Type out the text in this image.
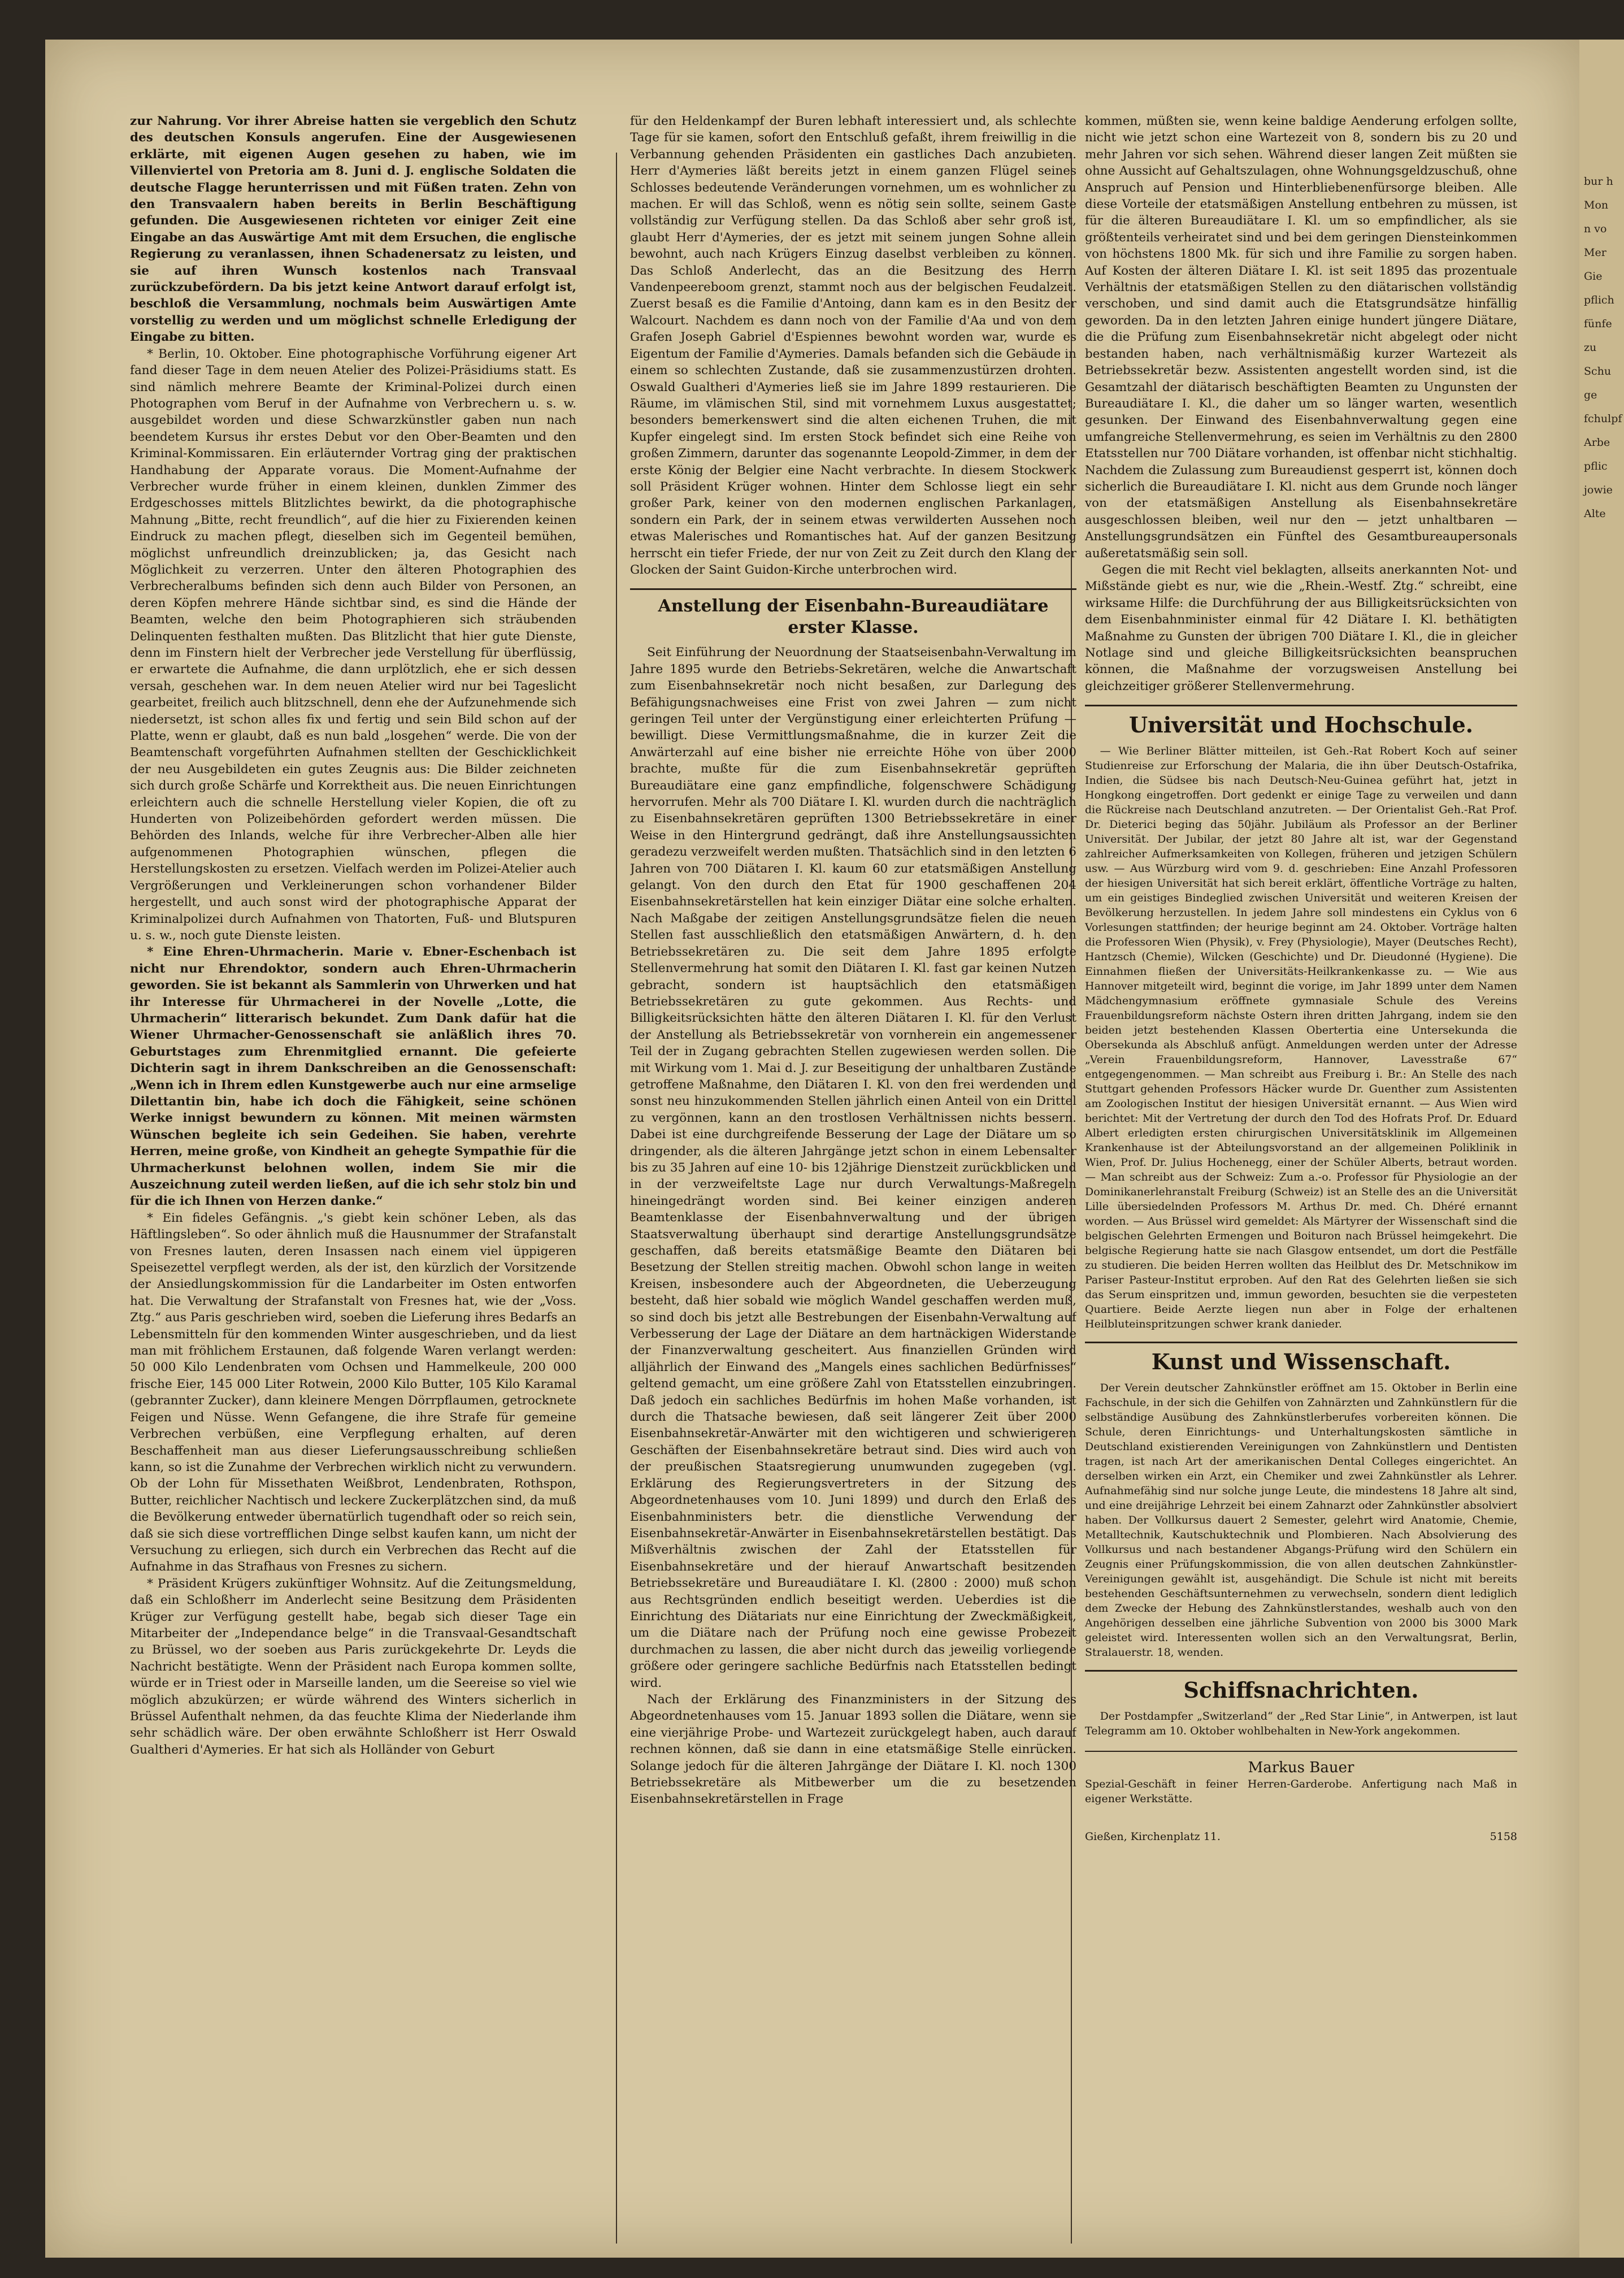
zur Nahrung. Vor ihrer Abreise hatten sie vergeblich den Schutz des deutschen Konsuls angerufen. Eine der Ausgewiesenen erklärte, mit eigenen Augen gesehen zu haben, wie im Villenviertel von Pretoria am 8. Juni d. J. englische Soldaten die deutsche Flagge herunterrissen und mit Füßen traten. Zehn von den Transvaalern haben bereits in Berlin Beschäftigung gefunden. Die Ausgewiesenen richteten vor einiger Zeit eine Eingabe an das Auswärtige Amt mit dem Ersuchen, die englische Regierung zu veranlassen, ihnen Schadenersatz zu leisten, und sie auf ihren Wunsch kostenlos nach Transvaal zurückzubefördern. Da bis jetzt keine Antwort darauf erfolgt ist, beschloß die Versammlung, nochmals beim Auswärtigen Amte vorstellig zu werden und um möglichst schnelle Erledigung der Eingabe zu bitten.

* Berlin, 10. Oktober. Eine photographische Vorführung eigener Art fand dieser Tage in dem neuen Atelier des Polizei-Präsidiums statt. Es sind nämlich mehrere Beamte der Kriminal-Polizei durch einen Photographen vom Beruf in der Aufnahme von Verbrechern u. s. w. ausgebildet worden und diese Schwarzkünstler gaben nun nach beendetem Kursus ihr erstes Debut vor den Ober-Beamten und den Kriminal-Kommissaren. Ein erläuternder Vortrag ging der praktischen Handhabung der Apparate voraus. Die Moment-Aufnahme der Verbrecher wurde früher in einem kleinen, dunklen Zimmer des Erdgeschosses mittels Blitzlichtes bewirkt, da die photographische Mahnung „Bitte, recht freundlich“, auf die hier zu Fixierenden keinen Eindruck zu machen pflegt, dieselben sich im Gegenteil bemühen, möglichst unfreundlich dreinzublicken; ja, das Gesicht nach Möglichkeit zu verzerren. Unter den älteren Photographien des Verbrecheralbums befinden sich denn auch Bilder von Personen, an deren Köpfen mehrere Hände sichtbar sind, es sind die Hände der Beamten, welche den beim Photographieren sich sträubenden Delinquenten festhalten mußten. Das Blitzlicht that hier gute Dienste, denn im Finstern hielt der Verbrecher jede Verstellung für überflüssig, er erwartete die Aufnahme, die dann urplötzlich, ehe er sich dessen versah, geschehen war. In dem neuen Atelier wird nur bei Tageslicht gearbeitet, freilich auch blitzschnell, denn ehe der Aufzunehmende sich niedersetzt, ist schon alles fix und fertig und sein Bild schon auf der Platte, wenn er glaubt, daß es nun bald „losgehen“ werde. Die von der Beamtenschaft vorgeführten Aufnahmen stellten der Geschicklichkeit der neu Ausgebildeten ein gutes Zeugnis aus: Die Bilder zeichneten sich durch große Schärfe und Korrektheit aus. Die neuen Einrichtungen erleichtern auch die schnelle Herstellung vieler Kopien, die oft zu Hunderten von Polizeibehörden gefordert werden müssen. Die Behörden des Inlands, welche für ihre Verbrecher-Alben alle hier aufgenommenen Photographien wünschen, pflegen die Herstellungskosten zu ersetzen. Vielfach werden im Polizei-Atelier auch Vergrößerungen und Verkleinerungen schon vorhandener Bilder hergestellt, und auch sonst wird der photographische Apparat der Kriminalpolizei durch Aufnahmen von Thatorten, Fuß- und Blutspuren u. s. w., noch gute Dienste leisten.

* Eine Ehren-Uhrmacherin. Marie v. Ebner-Eschenbach ist nicht nur Ehrendoktor, sondern auch Ehren-Uhrmacherin geworden. Sie ist bekannt als Sammlerin von Uhrwerken und hat ihr Interesse für Uhrmacherei in der Novelle „Lotte, die Uhrmacherin“ litterarisch bekundet. Zum Dank dafür hat die Wiener Uhrmacher-Genossenschaft sie anläßlich ihres 70. Geburtstages zum Ehrenmitglied ernannt. Die gefeierte Dichterin sagt in ihrem Dankschreiben an die Genossenschaft: „Wenn ich in Ihrem edlen Kunstgewerbe auch nur eine armselige Dilettantin bin, habe ich doch die Fähigkeit, seine schönen Werke innigst bewundern zu können. Mit meinen wärmsten Wünschen begleite ich sein Gedeihen. Sie haben, verehrte Herren, meine große, von Kindheit an gehegte Sympathie für die Uhrmacherkunst belohnen wollen, indem Sie mir die Auszeichnung zuteil werden ließen, auf die ich sehr stolz bin und für die ich Ihnen von Herzen danke.“

* Ein fideles Gefängnis. „'s giebt kein schöner Leben, als das Häftlingsleben“. So oder ähnlich muß die Hausnummer der Strafanstalt von Fresnes lauten, deren Insassen nach einem viel üppigeren Speisezettel verpflegt werden, als der ist, den kürzlich der Vorsitzende der Ansiedlungskommission für die Landarbeiter im Osten entworfen hat. Die Verwaltung der Strafanstalt von Fresnes hat, wie der „Voss. Ztg.“ aus Paris geschrieben wird, soeben die Lieferung ihres Bedarfs an Lebensmitteln für den kommenden Winter ausgeschrieben, und da liest man mit fröhlichem Erstaunen, daß folgende Waren verlangt werden: 50 000 Kilo Lendenbraten vom Ochsen und Hammelkeule, 200 000 frische Eier, 145 000 Liter Rotwein, 2000 Kilo Butter, 105 Kilo Karamal (gebrannter Zucker), dann kleinere Mengen Dörrpflaumen, getrocknete Feigen und Nüsse. Wenn Gefangene, die ihre Strafe für gemeine Verbrechen verbüßen, eine Verpflegung erhalten, auf deren Beschaffenheit man aus dieser Lieferungsausschreibung schließen kann, so ist die Zunahme der Verbrechen wirklich nicht zu verwundern. Ob der Lohn für Missethaten Weißbrot, Lendenbraten, Rothspon, Butter, reichlicher Nachtisch und leckere Zuckerplätzchen sind, da muß die Bevölkerung entweder übernatürlich tugendhaft oder so reich sein, daß sie sich diese vortrefflichen Dinge selbst kaufen kann, um nicht der Versuchung zu erliegen, sich durch ein Verbrechen das Recht auf die Aufnahme in das Strafhaus von Fresnes zu sichern.

* Präsident Krügers zukünftiger Wohnsitz. Auf die Zeitungsmeldung, daß ein Schloßherr im Anderlecht seine Besitzung dem Präsidenten Krüger zur Verfügung gestellt habe, begab sich dieser Tage ein Mitarbeiter der „Independance belge“ in die Transvaal-Gesandtschaft zu Brüssel, wo der soeben aus Paris zurückgekehrte Dr. Leyds die Nachricht bestätigte. Wenn der Präsident nach Europa kommen sollte, würde er in Triest oder in Marseille landen, um die Seereise so viel wie möglich abzukürzen; er würde während des Winters sicherlich in Brüssel Aufenthalt nehmen, da das feuchte Klima der Niederlande ihm sehr schädlich wäre. Der oben erwähnte Schloßherr ist Herr Oswald Gualtheri d'Aymeries. Er hat sich als Holländer von Geburt

für den Heldenkampf der Buren lebhaft interessiert und, als schlechte Tage für sie kamen, sofort den Entschluß gefaßt, ihrem freiwillig in die Verbannung gehenden Präsidenten ein gastliches Dach anzubieten. Herr d'Aymeries läßt bereits jetzt in einem ganzen Flügel seines Schlosses bedeutende Veränderungen vornehmen, um es wohnlicher zu machen. Er will das Schloß, wenn es nötig sein sollte, seinem Gaste vollständig zur Verfügung stellen. Da das Schloß aber sehr groß ist, glaubt Herr d'Aymeries, der es jetzt mit seinem jungen Sohne allein bewohnt, auch nach Krügers Einzug daselbst verbleiben zu können. Das Schloß Anderlecht, das an die Besitzung des Herrn Vandenpeereboom grenzt, stammt noch aus der belgischen Feudalzeit. Zuerst besaß es die Familie d'Antoing, dann kam es in den Besitz der Walcourt. Nachdem es dann noch von der Familie d'Aa und von dem Grafen Joseph Gabriel d'Espiennes bewohnt worden war, wurde es Eigentum der Familie d'Aymeries. Damals befanden sich die Gebäude in einem so schlechten Zustande, daß sie zusammenzustürzen drohten. Oswald Gualtheri d'Aymeries ließ sie im Jahre 1899 restaurieren. Die Räume, im vlämischen Stil, sind mit vornehmem Luxus ausgestattet; besonders bemerkenswert sind die alten eichenen Truhen, die mit Kupfer eingelegt sind. Im ersten Stock befindet sich eine Reihe von großen Zimmern, darunter das sogenannte Leopold-Zimmer, in dem der erste König der Belgier eine Nacht verbrachte. In diesem Stockwerk soll Präsident Krüger wohnen. Hinter dem Schlosse liegt ein sehr großer Park, keiner von den modernen englischen Parkanlagen, sondern ein Park, der in seinem etwas verwilderten Aussehen noch etwas Malerisches und Romantisches hat. Auf der ganzen Besitzung herrscht ein tiefer Friede, der nur von Zeit zu Zeit durch den Klang der Glocken der Saint Guidon-Kirche unterbrochen wird.

Anstellung der Eisenbahn-Bureaudiätare erster Klasse.

Seit Einführung der Neuordnung der Staatseisenbahn-Verwaltung im Jahre 1895 wurde den Betriebs-Sekretären, welche die Anwartschaft zum Eisenbahnsekretär noch nicht besaßen, zur Darlegung des Befähigungsnachweises eine Frist von zwei Jahren — zum nicht geringen Teil unter der Vergünstigung einer erleichterten Prüfung — bewilligt. Diese Vermittlungsmaßnahme, die in kurzer Zeit die Anwärterzahl auf eine bisher nie erreichte Höhe von über 2000 brachte, mußte für die zum Eisenbahnsekretär geprüften Bureaudiätare eine ganz empfindliche, folgenschwere Schädigung hervorrufen. Mehr als 700 Diätare I. Kl. wurden durch die nachträglich zu Eisenbahnsekretären geprüften 1300 Betriebssekretäre in einer Weise in den Hintergrund gedrängt, daß ihre Anstellungsaussichten geradezu verzweifelt werden mußten. Thatsächlich sind in den letzten 6 Jahren von 700 Diätaren I. Kl. kaum 60 zur etatsmäßigen Anstellung gelangt. Von den durch den Etat für 1900 geschaffenen 204 Eisenbahnsekretärstellen hat kein einziger Diätar eine solche erhalten. Nach Maßgabe der zeitigen Anstellungsgrundsätze fielen die neuen Stellen fast ausschließlich den etatsmäßigen Anwärtern, d. h. den Betriebssekretären zu. Die seit dem Jahre 1895 erfolgte Stellenvermehrung hat somit den Diätaren I. Kl. fast gar keinen Nutzen gebracht, sondern ist hauptsächlich den etatsmäßigen Betriebssekretären zu gute gekommen. Aus Rechts- und Billigkeitsrücksichten hätte den älteren Diätaren I. Kl. für den Verlust der Anstellung als Betriebssekretär von vornherein ein angemessener Teil der in Zugang gebrachten Stellen zugewiesen werden sollen. Die mit Wirkung vom 1. Mai d. J. zur Beseitigung der unhaltbaren Zustände getroffene Maßnahme, den Diätaren I. Kl. von den frei werdenden und sonst neu hinzukommenden Stellen jährlich einen Anteil von ein Drittel zu vergönnen, kann an den trostlosen Verhältnissen nichts bessern. Dabei ist eine durchgreifende Besserung der Lage der Diätare um so dringender, als die älteren Jahrgänge jetzt schon in einem Lebensalter bis zu 35 Jahren auf eine 10- bis 12jährige Dienstzeit zurückblicken und in der verzweifeltste Lage nur durch Verwaltungs-Maßregeln hineingedrängt worden sind. Bei keiner einzigen anderen Beamtenklasse der Eisenbahnverwaltung und der übrigen Staatsverwaltung überhaupt sind derartige Anstellungsgrundsätze geschaffen, daß bereits etatsmäßige Beamte den Diätaren bei Besetzung der Stellen streitig machen. Obwohl schon lange in weiten Kreisen, insbesondere auch der Abgeordneten, die Ueberzeugung besteht, daß hier sobald wie möglich Wandel geschaffen werden muß, so sind doch bis jetzt alle Bestrebungen der Eisenbahn-Verwaltung auf Verbesserung der Lage der Diätare an dem hartnäckigen Widerstande der Finanzverwaltung gescheitert. Aus finanziellen Gründen wird alljährlich der Einwand des „Mangels eines sachlichen Bedürfnisses“ geltend gemacht, um eine größere Zahl von Etatsstellen einzubringen. Daß jedoch ein sachliches Bedürfnis im hohen Maße vorhanden, ist durch die Thatsache bewiesen, daß seit längerer Zeit über 2000 Eisenbahnsekretär-Anwärter mit den wichtigeren und schwierigeren Geschäften der Eisenbahnsekretäre betraut sind. Dies wird auch von der preußischen Staatsregierung unumwunden zugegeben (vgl. Erklärung des Regierungsvertreters in der Sitzung des Abgeordnetenhauses vom 10. Juni 1899) und durch den Erlaß des Eisenbahnministers betr. die dienstliche Verwendung der Eisenbahnsekretär-Anwärter in Eisenbahnsekretärstellen bestätigt. Das Mißverhältnis zwischen der Zahl der Etatsstellen für Eisenbahnsekretäre und der hierauf Anwartschaft besitzenden Betriebssekretäre und Bureaudiätare I. Kl. (2800 : 2000) muß schon aus Rechtsgründen endlich beseitigt werden. Ueberdies ist die Einrichtung des Diätariats nur eine Einrichtung der Zweckmäßigkeit, um die Diätare nach der Prüfung noch eine gewisse Probezeit durchmachen zu lassen, die aber nicht durch das jeweilig vorliegende größere oder geringere sachliche Bedürfnis nach Etatsstellen bedingt wird.

Nach der Erklärung des Finanzministers in der Sitzung des Abgeordnetenhauses vom 15. Januar 1893 sollen die Diätare, wenn sie eine vierjährige Probe- und Wartezeit zurückgelegt haben, auch darauf rechnen können, daß sie dann in eine etatsmäßige Stelle einrücken. Solange jedoch für die älteren Jahrgänge der Diätare I. Kl. noch 1300 Betriebssekretäre als Mitbewerber um die zu besetzenden Eisenbahnsekretärstellen in Frage

kommen, müßten sie, wenn keine baldige Aenderung erfolgen sollte, nicht wie jetzt schon eine Wartezeit von 8, sondern bis zu 20 und mehr Jahren vor sich sehen. Während dieser langen Zeit müßten sie ohne Aussicht auf Gehaltszulagen, ohne Wohnungsgeldzuschuß, ohne Anspruch auf Pension und Hinterbliebenenfürsorge bleiben. Alle diese Vorteile der etatsmäßigen Anstellung entbehren zu müssen, ist für die älteren Bureaudiätare I. Kl. um so empfindlicher, als sie größtenteils verheiratet sind und bei dem geringen Diensteinkommen von höchstens 1800 Mk. für sich und ihre Familie zu sorgen haben. Auf Kosten der älteren Diätare I. Kl. ist seit 1895 das prozentuale Verhältnis der etatsmäßigen Stellen zu den diätarischen vollständig verschoben, und sind damit auch die Etatsgrundsätze hinfällig geworden. Da in den letzten Jahren einige hundert jüngere Diätare, die die Prüfung zum Eisenbahnsekretär nicht abgelegt oder nicht bestanden haben, nach verhältnismäßig kurzer Wartezeit als Betriebssekretär bezw. Assistenten angestellt worden sind, ist die Gesamtzahl der diätarisch beschäftigten Beamten zu Ungunsten der Bureaudiätare I. Kl., die daher um so länger warten, wesentlich gesunken. Der Einwand des Eisenbahnverwaltung gegen eine umfangreiche Stellenvermehrung, es seien im Verhältnis zu den 2800 Etatsstellen nur 700 Diätare vorhanden, ist offenbar nicht stichhaltig. Nachdem die Zulassung zum Bureaudienst gesperrt ist, können doch sicherlich die Bureaudiätare I. Kl. nicht aus dem Grunde noch länger von der etatsmäßigen Anstellung als Eisenbahnsekretäre ausgeschlossen bleiben, weil nur den — jetzt unhaltbaren — Anstellungsgrundsätzen ein Fünftel des Gesamtbureaupersonals außeretatsmäßig sein soll.

Gegen die mit Recht viel beklagten, allseits anerkannten Not- und Mißstände giebt es nur, wie die „Rhein.-Westf. Ztg.“ schreibt, eine wirksame Hilfe: die Durchführung der aus Billigkeitsrücksichten von dem Eisenbahnminister einmal für 42 Diätare I. Kl. bethätigten Maßnahme zu Gunsten der übrigen 700 Diätare I. Kl., die in gleicher Notlage sind und gleiche Billigkeitsrücksichten beanspruchen können, die Maßnahme der vorzugsweisen Anstellung bei gleichzeitiger größerer Stellenvermehrung.

Universität und Hochschule.

— Wie Berliner Blätter mitteilen, ist Geh.-Rat Robert Koch auf seiner Studienreise zur Erforschung der Malaria, die ihn über Deutsch-Ostafrika, Indien, die Südsee bis nach Deutsch-Neu-Guinea geführt hat, jetzt in Hongkong eingetroffen. Dort gedenkt er einige Tage zu verweilen und dann die Rückreise nach Deutschland anzutreten. — Der Orientalist Geh.-Rat Prof. Dr. Dieterici beging das 50jähr. Jubiläum als Professor an der Berliner Universität. Der Jubilar, der jetzt 80 Jahre alt ist, war der Gegenstand zahlreicher Aufmerksamkeiten von Kollegen, früheren und jetzigen Schülern usw. — Aus Würzburg wird vom 9. d. geschrieben: Eine Anzahl Professoren der hiesigen Universität hat sich bereit erklärt, öffentliche Vorträge zu halten, um ein geistiges Bindeglied zwischen Universität und weiteren Kreisen der Bevölkerung herzustellen. In jedem Jahre soll mindestens ein Cyklus von 6 Vorlesungen stattfinden; der heurige beginnt am 24. Oktober. Vorträge halten die Professoren Wien (Physik), v. Frey (Physiologie), Mayer (Deutsches Recht), Hantzsch (Chemie), Wilcken (Geschichte) und Dr. Dieudonné (Hygiene). Die Einnahmen fließen der Universitäts-Heilkrankenkasse zu. — Wie aus Hannover mitgeteilt wird, beginnt die vorige, im Jahr 1899 unter dem Namen Mädchengymnasium eröffnete gymnasiale Schule des Vereins Frauenbildungsreform nächste Ostern ihren dritten Jahrgang, indem sie den beiden jetzt bestehenden Klassen Obertertia eine Untersekunda die Obersekunda als Abschluß anfügt. Anmeldungen werden unter der Adresse „Verein Frauenbildungsreform, Hannover, Lavesstraße 67“ entgegengenommen. — Man schreibt aus Freiburg i. Br.: An Stelle des nach Stuttgart gehenden Professors Häcker wurde Dr. Guenther zum Assistenten am Zoologischen Institut der hiesigen Universität ernannt. — Aus Wien wird berichtet: Mit der Vertretung der durch den Tod des Hofrats Prof. Dr. Eduard Albert erledigten ersten chirurgischen Universitätsklinik im Allgemeinen Krankenhause ist der Abteilungsvorstand an der allgemeinen Poliklinik in Wien, Prof. Dr. Julius Hochenegg, einer der Schüler Alberts, betraut worden. — Man schreibt aus der Schweiz: Zum a.-o. Professor für Physiologie an der Dominikanerlehranstalt Freiburg (Schweiz) ist an Stelle des an die Universität Lille übersiedelnden Professors M. Arthus Dr. med. Ch. Dhéré ernannt worden. — Aus Brüssel wird gemeldet: Als Märtyrer der Wissenschaft sind die belgischen Gelehrten Ermengen und Boituron nach Brüssel heimgekehrt. Die belgische Regierung hatte sie nach Glasgow entsendet, um dort die Pestfälle zu studieren. Die beiden Herren wollten das Heilblut des Dr. Metschnikow im Pariser Pasteur-Institut erproben. Auf den Rat des Gelehrten ließen sie sich das Serum einspritzen und, immun geworden, besuchten sie die verpesteten Quartiere. Beide Aerzte liegen nun aber in Folge der erhaltenen Heilbluteinspritzungen schwer krank danieder.

Kunst und Wissenschaft.

Der Verein deutscher Zahnkünstler eröffnet am 15. Oktober in Berlin eine Fachschule, in der sich die Gehilfen von Zahnärzten und Zahnkünstlern für die selbständige Ausübung des Zahnkünstlerberufes vorbereiten können. Die Schule, deren Einrichtungs- und Unterhaltungskosten sämtliche in Deutschland existierenden Vereinigungen von Zahnkünstlern und Dentisten tragen, ist nach Art der amerikanischen Dental Colleges eingerichtet. An derselben wirken ein Arzt, ein Chemiker und zwei Zahnkünstler als Lehrer. Aufnahmefähig sind nur solche junge Leute, die mindestens 18 Jahre alt sind, und eine dreijährige Lehrzeit bei einem Zahnarzt oder Zahnkünstler absolviert haben. Der Vollkursus dauert 2 Semester, gelehrt wird Anatomie, Chemie, Metalltechnik, Kautschuktechnik und Plombieren. Nach Absolvierung des Vollkursus und nach bestandener Abgangs-Prüfung wird den Schülern ein Zeugnis einer Prüfungskommission, die von allen deutschen Zahnkünstler-Vereinigungen gewählt ist, ausgehändigt. Die Schule ist nicht mit bereits bestehenden Geschäftsunternehmen zu verwechseln, sondern dient lediglich dem Zwecke der Hebung des Zahnkünstlerstandes, weshalb auch von den Angehörigen desselben eine jährliche Subvention von 2000 bis 3000 Mark geleistet wird. Interessenten wollen sich an den Verwaltungsrat, Berlin, Stralauerstr. 18, wenden.

Schiffsnachrichten.

Der Postdampfer „Switzerland“ der „Red Star Linie“, in Antwerpen, ist laut Telegramm am 10. Oktober wohlbehalten in New-York angekommen.

Markus Bauer

Spezial-Geschäft in feiner Herren-Garderobe. Anfertigung nach Maß in eigener Werkstätte.

Gießen, Kirchenplatz 11.	5158
bur h
Mon
n vo
Mer
Gie
pflich
fünfe
zu
Schu
ge
fchulpf
Arbe
pflic
jowie
Alte
